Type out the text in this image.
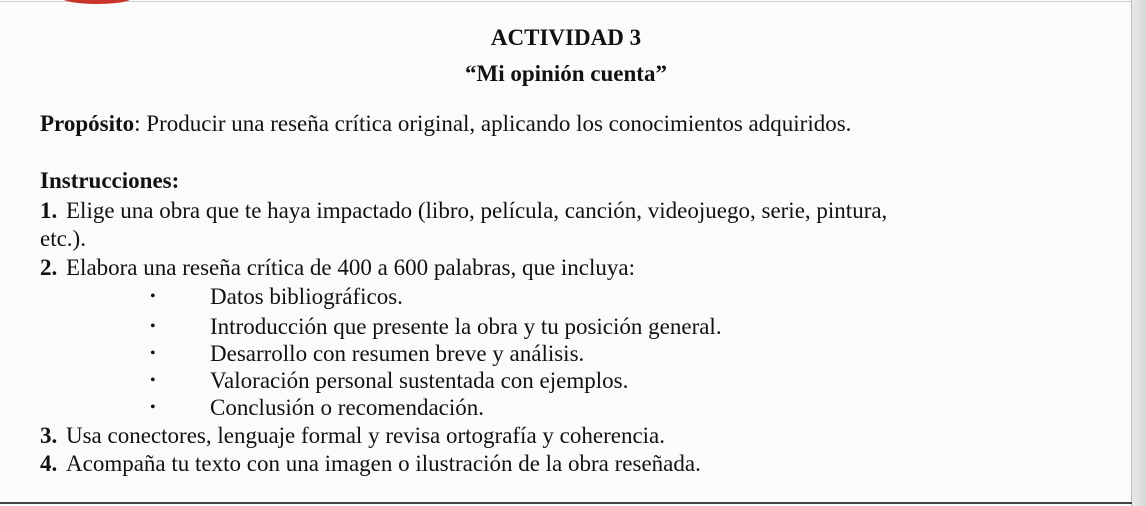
ACTIVIDAD 3
“Mi opinión cuenta”
Propósito: Producir una reseña crítica original, aplicando los conocimientos adquiridos.
Instrucciones:
1. Elige una obra que te haya impactado (libro, película, canción, videojuego, serie, pintura,
etc.).
2. Elabora una reseña crítica de 400 a 600 palabras, que incluya:
• Datos bibliográficos.
• Introducción que presente la obra y tu posición general.
• Desarrollo con resumen breve y análisis.
• Valoración personal sustentada con ejemplos.
• Conclusión o recomendación.
3. Usa conectores, lenguaje formal y revisa ortografía y coherencia.
4. Acompaña tu texto con una imagen o ilustración de la obra reseñada.
